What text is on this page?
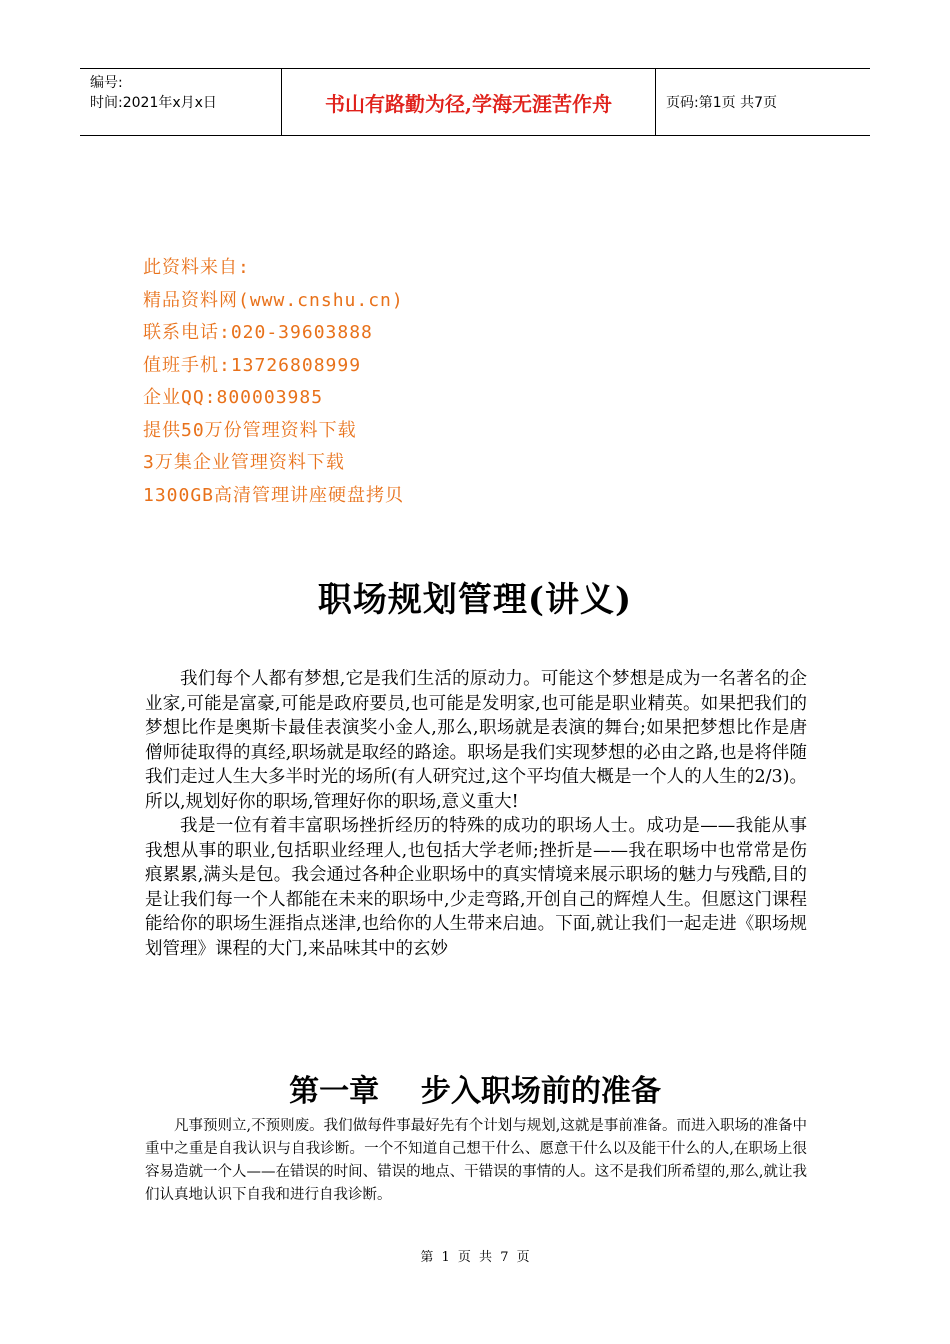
编号:
时间:2021年x月x日	书山有路勤为径,学海无涯苦作舟	页码:第1页 共7页
此资料来自:
精品资料网(www.cnshu.cn)
联系电话:020-39603888
值班手机:13726808999
企业QQ:800003985
提供50万份管理资料下载
3万集企业管理资料下载
1300GB高清管理讲座硬盘拷贝
职场规划管理(讲义)

我们每个人都有梦想,它是我们生活的原动力。可能这个梦想是成为一名著名的企业家,可能是富豪,可能是政府要员,也可能是发明家,也可能是职业精英。如果把我们的梦想比作是奥斯卡最佳表演奖小金人,那么,职场就是表演的舞台;如果把梦想比作是唐僧师徒取得的真经,职场就是取经的路途。职场是我们实现梦想的必由之路,也是将伴随我们走过人生大多半时光的场所(有人研究过,这个平均值大概是一个人的人生的2/3)。所以,规划好你的职场,管理好你的职场,意义重大!

我是一位有着丰富职场挫折经历的特殊的成功的职场人士。成功是——我能从事我想从事的职业,包括职业经理人,也包括大学老师;挫折是——我在职场中也常常是伤痕累累,满头是包。我会通过各种企业职场中的真实情境来展示职场的魅力与残酷,目的是让我们每一个人都能在未来的职场中,少走弯路,开创自己的辉煌人生。但愿这门课程能给你的职场生涯指点迷津,也给你的人生带来启迪。下面,就让我们一起走进《职场规划管理》课程的大门,来品味其中的玄妙

第一章    步入职场前的准备

凡事预则立,不预则废。我们做每件事最好先有个计划与规划,这就是事前准备。而进入职场的准备中重中之重是自我认识与自我诊断。一个不知道自己想干什么、愿意干什么以及能干什么的人,在职场上很容易造就一个人——在错误的时间、错误的地点、干错误的事情的人。这不是我们所希望的,那么,就让我们认真地认识下自我和进行自我诊断。

第 1 页 共 7 页
